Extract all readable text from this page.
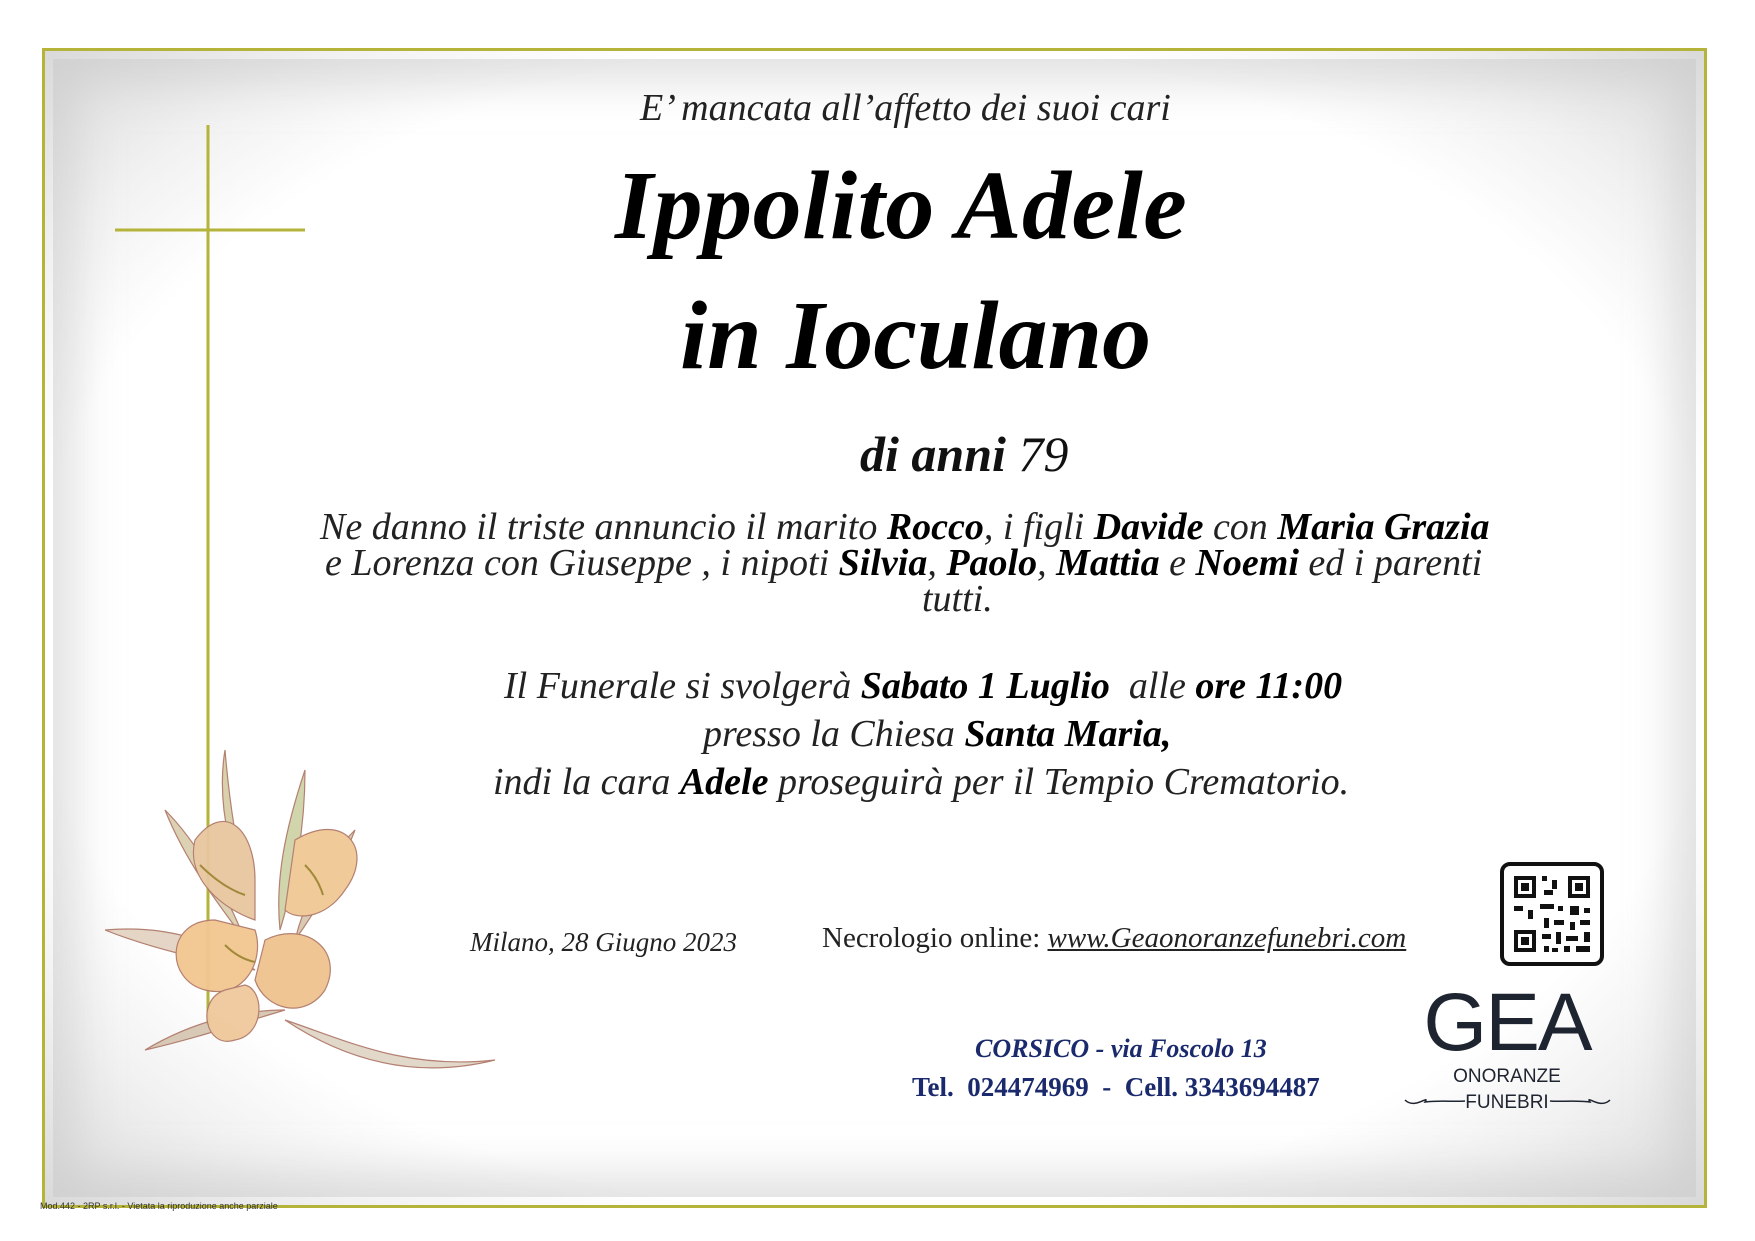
E’ mancata all’affetto dei suoi cari
Ippolito Adele
in Ioculano
di anni 79
Ne danno il triste annuncio il marito Rocco, i figli Davide con Maria Grazia
e Lorenza con Giuseppe , i nipoti Silvia, Paolo, Mattia e Noemi ed i parenti
tutti.
Il Funerale si svolgerà Sabato 1 Luglio  alle ore 11:00
presso la Chiesa Santa Maria,
indi la cara Adele proseguirà per il Tempio Crematorio.
Milano, 28 Giugno 2023	Necrologio online: www.Geaonoranzefunebri.com
GEA
ONORANZE
FUNEBRI
CORSICO - via Foscolo 13
Tel.  024474969  -  Cell. 3343694487
Mod.442 - 2RP s.r.l. - Vietata la riproduzione anche parziale
